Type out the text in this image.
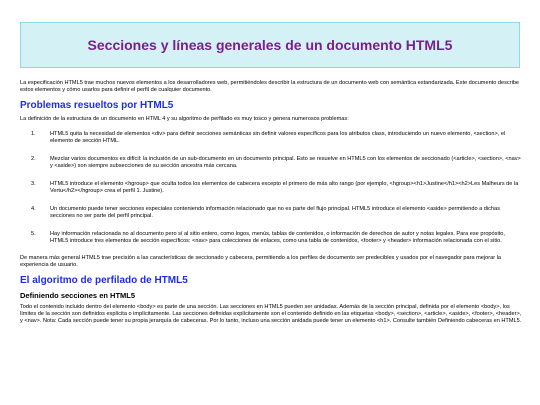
Secciones y líneas generales de un documento HTML5

La especificación HTML5 trae muchos nuevos elementos a los desarrolladores web, permitiéndoles describir la estructura de un documento web con semántica estandarizada. Este documento describe estos elementos y cómo usarlos para definir el perfil de cualquier documento.

Problemas resueltos por HTML5

La definición de la estructura de un documento en HTML 4 y su algoritmo de perfilado es muy tosco y genera numerosos problemas:

1.	HTML5 quita la necesidad de elementos <div> para definir secciones semánticas sin definir valores específicos para los atributos class, introduciendo un nuevo elemento, <section>, el elemento de sección HTML.
2.	Mezclar varios documentos es difícil: la inclusión de un sub-documento en un documento principal. Esto se resuelve en HTML5 con los elementos de seccionado (<article>, <section>, <nav> y <aside>) son siempre subsecciones de su sección ancestra más cercana.
3.	HTML5 introduce el elemento <hgroup> que oculta todos los elementos de cabecera excepto el primero de más alto rango (por ejemplo, <hgroup><h1>Justine</h1><h2>Les Malheurs de la Vertu</h2></hgroup> crea el perfil 1. Justine).
4.	Un documento puede tener secciones especiales conteniendo información relacionado que no es parte del flujo principal. HTML5 introduce el elemento <aside> permitiendo a dichas secciones no ser parte del perfil principal.
5.	Hay información relacionada no al documento pero sí al sitio entero, como logos, menús, tablas de contenidos, o información de derechos de autor y notas legales. Para ese propósito, HTML5 introduce tres elementos de sección específicos: <nav> para colecciones de enlaces, como una tabla de contenidos, <footer> y <header> información relacionada con el sitio.

De manera más general HTML5 trae precisión a las características de seccionado y cabecera, permitiendo a los perfiles de documento ser predecibles y usados por el navegador para mejorar la experiencia de usuario.

El algoritmo de perfilado de HTML5
Definiendo secciones en HTML5

Todo el contenido incluido dentro del elemento <body> es parte de una sección. Las secciones en HTML5 pueden ser anidadas. Además de la sección principal, definida por el elemento <body>, los límites de la sección son definidos explícita o implícitamente. Las secciones definidas explícitamente son el contenido definido en las etiquetas <body>, <section>, <article>, <aside>, <footer>, <header>, y <nav>. Nota: Cada sección puede tener su propia jerarquía de cabeceras. Por lo tanto, incluso una sección anidada puede tener un elemento <h1>. Consulte también Definiendo cabeceras en HTML5.
